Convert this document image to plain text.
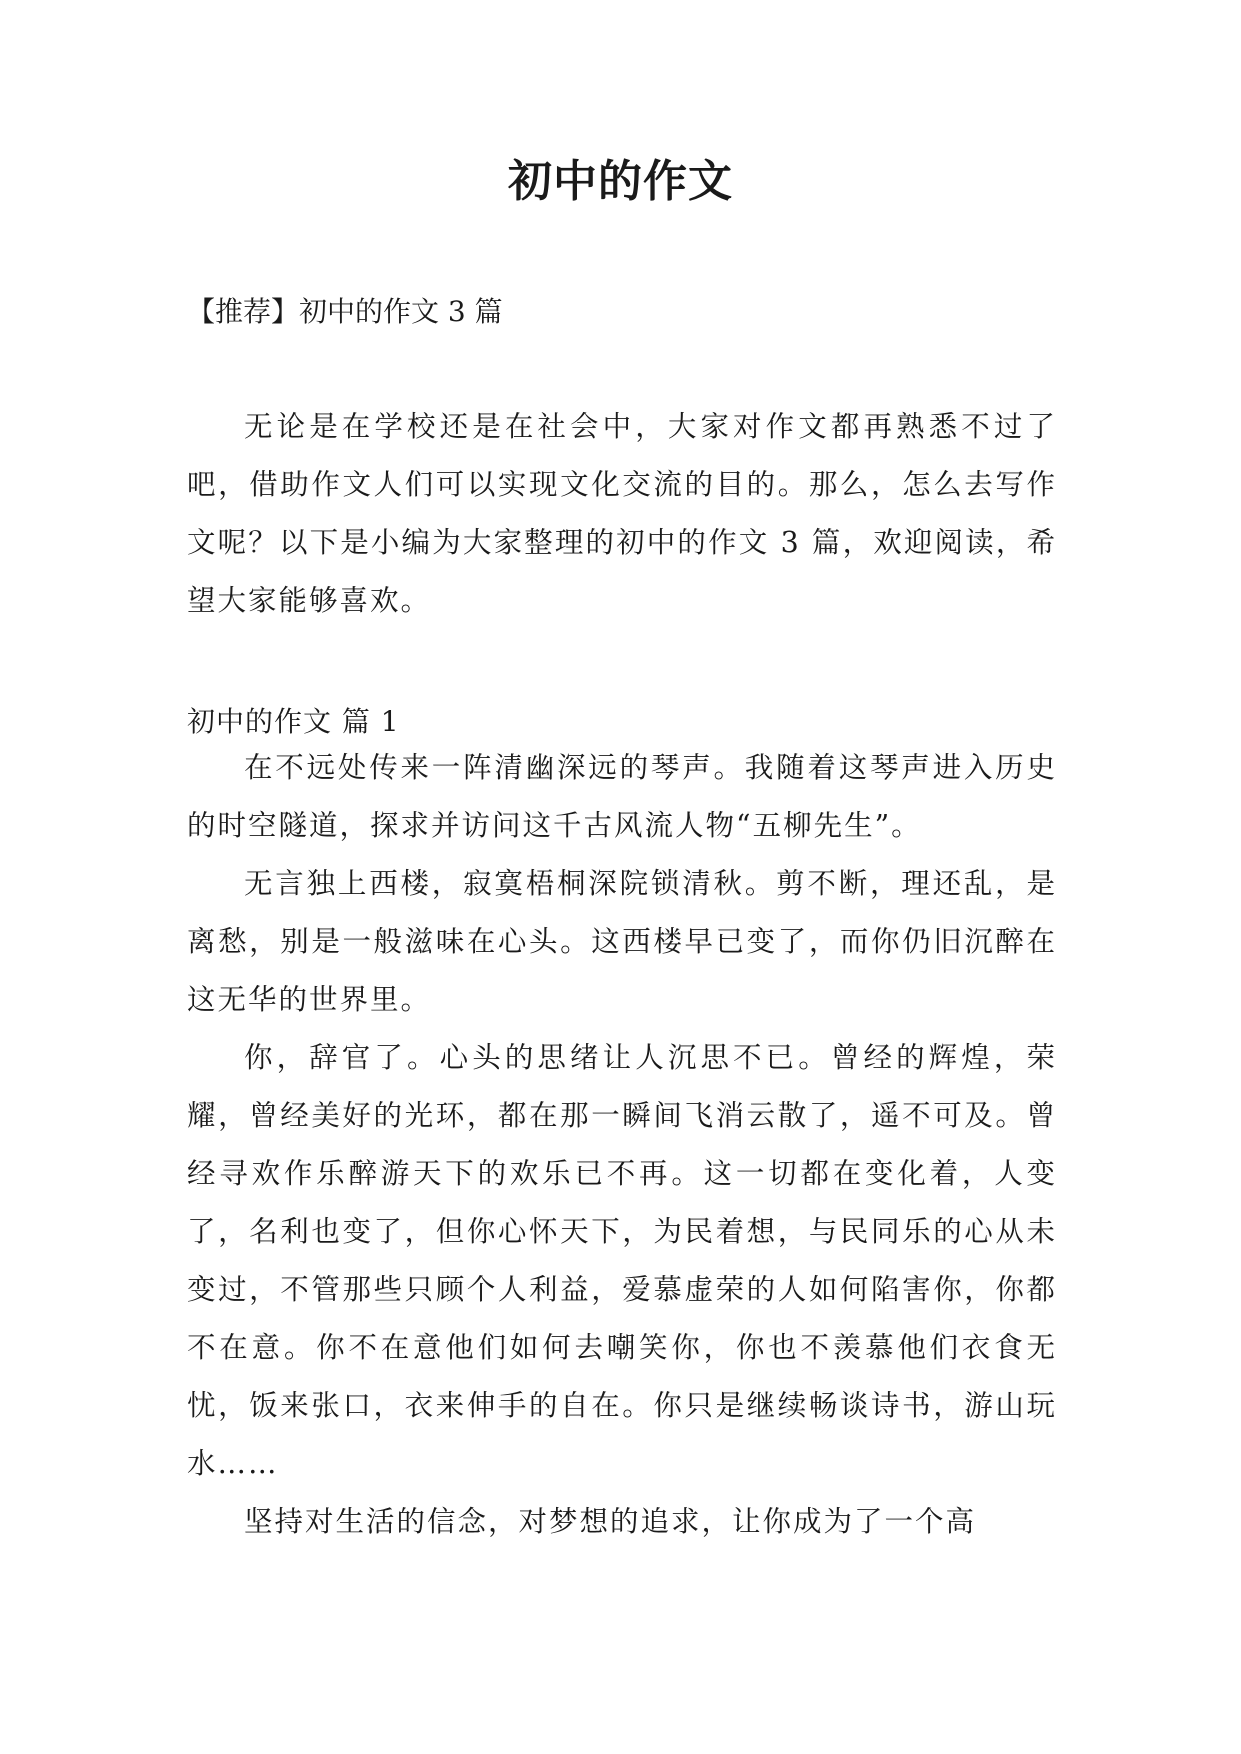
初中的作文
【推荐】初中的作文 3 篇

无论是在学校还是在社会中，大家对作文都再熟悉不过了吧，借助作文人们可以实现文化交流的目的。那么，怎么去写作文呢？以下是小编为大家整理的初中的作文 3 篇，欢迎阅读，希望大家能够喜欢。

初中的作文 篇 1

在不远处传来一阵清幽深远的琴声。我随着这琴声进入历史的时空隧道，探求并访问这千古风流人物“五柳先生”。

无言独上西楼，寂寞梧桐深院锁清秋。剪不断，理还乱，是离愁，别是一般滋味在心头。这西楼早已变了，而你仍旧沉醉在这无华的世界里。

你，辞官了。心头的思绪让人沉思不已。曾经的辉煌，荣耀，曾经美好的光环，都在那一瞬间飞消云散了，遥不可及。曾经寻欢作乐醉游天下的欢乐已不再。这一切都在变化着，人变了，名利也变了，但你心怀天下，为民着想，与民同乐的心从未变过，不管那些只顾个人利益，爱慕虚荣的人如何陷害你，你都不在意。你不在意他们如何去嘲笑你，你也不羡慕他们衣食无忧，饭来张口，衣来伸手的自在。你只是继续畅谈诗书，游山玩水……

坚持对生活的信念，对梦想的追求，让你成为了一个高
